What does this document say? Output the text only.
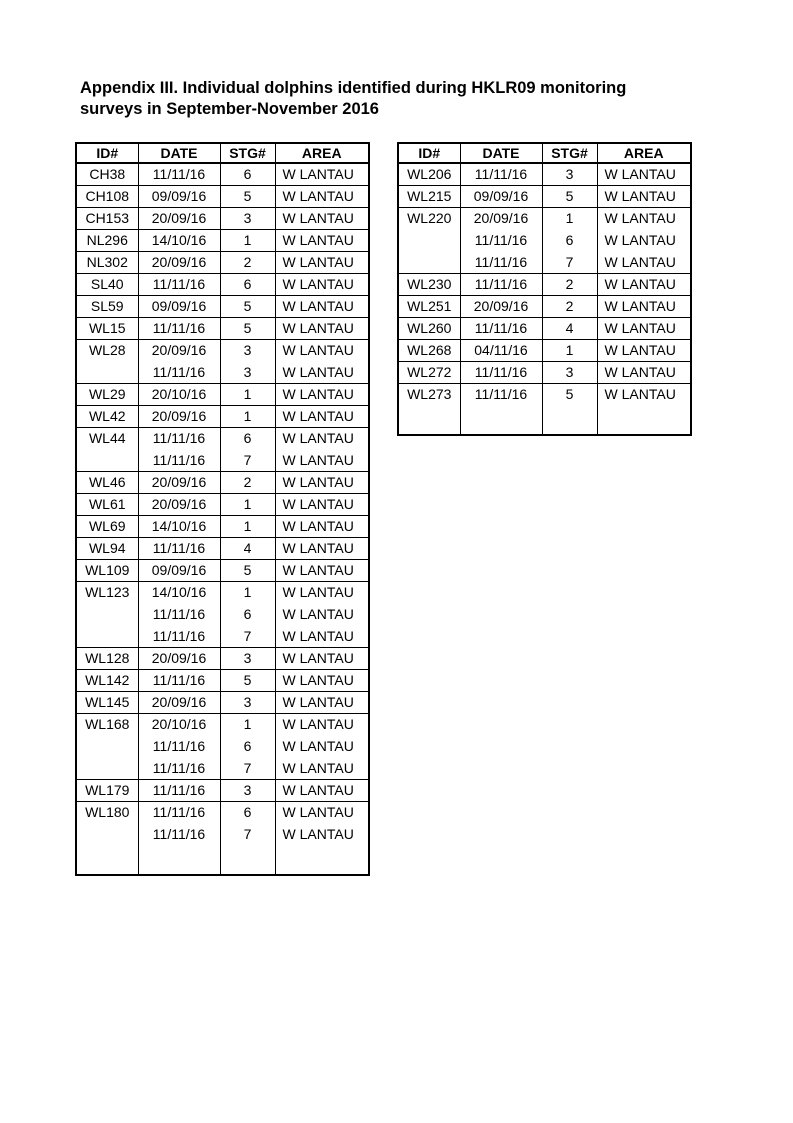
Appendix III. Individual dolphins identified during HKLR09 monitoring
surveys in September-November 2016
ID#	DATE	STG#	AREA
CH38	11/11/16	6	W LANTAU
CH108	09/09/16	5	W LANTAU
CH153	20/09/16	3	W LANTAU
NL296	14/10/16	1	W LANTAU
NL302	20/09/16	2	W LANTAU
SL40	11/11/16	6	W LANTAU
SL59	09/09/16	5	W LANTAU
WL15	11/11/16	5	W LANTAU
WL28	20/09/16	3	W LANTAU
	11/11/16	3	W LANTAU
WL29	20/10/16	1	W LANTAU
WL42	20/09/16	1	W LANTAU
WL44	11/11/16	6	W LANTAU
	11/11/16	7	W LANTAU
WL46	20/09/16	2	W LANTAU
WL61	20/09/16	1	W LANTAU
WL69	14/10/16	1	W LANTAU
WL94	11/11/16	4	W LANTAU
WL109	09/09/16	5	W LANTAU
WL123	14/10/16	1	W LANTAU
	11/11/16	6	W LANTAU
	11/11/16	7	W LANTAU
WL128	20/09/16	3	W LANTAU
WL142	11/11/16	5	W LANTAU
WL145	20/09/16	3	W LANTAU
WL168	20/10/16	1	W LANTAU
	11/11/16	6	W LANTAU
	11/11/16	7	W LANTAU
WL179	11/11/16	3	W LANTAU
WL180	11/11/16	6	W LANTAU
	11/11/16	7	W LANTAU

ID#	DATE	STG#	AREA
WL206	11/11/16	3	W LANTAU
WL215	09/09/16	5	W LANTAU
WL220	20/09/16	1	W LANTAU
	11/11/16	6	W LANTAU
	11/11/16	7	W LANTAU
WL230	11/11/16	2	W LANTAU
WL251	20/09/16	2	W LANTAU
WL260	11/11/16	4	W LANTAU
WL268	04/11/16	1	W LANTAU
WL272	11/11/16	3	W LANTAU
WL273	11/11/16	5	W LANTAU
